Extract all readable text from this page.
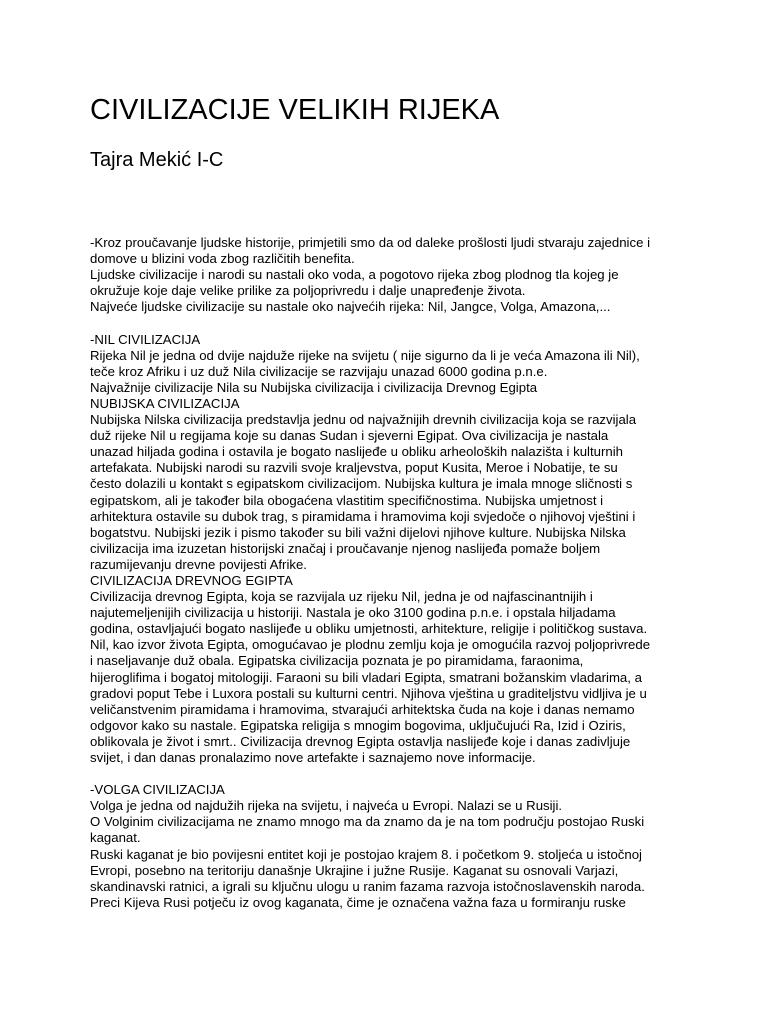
CIVILIZACIJE VELIKIH RIJEKA
Tajra Mekić I-C
-Kroz proučavanje ljudske historije, primjetili smo da od daleke prošlosti ljudi stvaraju zajednice i
domove u blizini voda zbog različitih benefita.
Ljudske civilizacije i narodi su nastali oko voda, a pogotovo rijeka zbog plodnog tla kojeg je
okružuje koje daje velike prilike za poljoprivredu i dalje unapređenje života.
Najveće ljudske civilizacije su nastale oko najvećih rijeka: Nil, Jangce, Volga, Amazona,...
-NIL CIVILIZACIJA
Rijeka Nil je jedna od dvije najduže rijeke na svijetu ( nije sigurno da li je veća Amazona ili Nil),
teče kroz Afriku i uz duž Nila civilizacije se razvijaju unazad 6000 godina p.n.e.
Najvažnije civilizacije Nila su Nubijska civilizacija i civilizacija Drevnog Egipta
NUBIJSKA CIVILIZACIJA
Nubijska Nilska civilizacija predstavlja jednu od najvažnijih drevnih civilizacija koja se razvijala
duž rijeke Nil u regijama koje su danas Sudan i sjeverni Egipat. Ova civilizacija je nastala
unazad hiljada godina i ostavila je bogato naslijeđe u obliku arheoloških nalazišta i kulturnih
artefakata. Nubijski narodi su razvili svoje kraljevstva, poput Kusita, Meroe i Nobatije, te su
često dolazili u kontakt s egipatskom civilizacijom. Nubijska kultura je imala mnoge sličnosti s
egipatskom, ali je također bila obogaćena vlastitim specifičnostima. Nubijska umjetnost i
arhitektura ostavile su dubok trag, s piramidama i hramovima koji svjedoče o njihovoj vještini i
bogatstvu. Nubijski jezik i pismo također su bili važni dijelovi njihove kulture. Nubijska Nilska
civilizacija ima izuzetan historijski značaj i proučavanje njenog naslijeđa pomaže boljem
razumijevanju drevne povijesti Afrike.
CIVILIZACIJA DREVNOG EGIPTA
Civilizacija drevnog Egipta, koja se razvijala uz rijeku Nil, jedna je od najfascinantnijih i
najutemeljenijih civilizacija u historiji. Nastala je oko 3100 godina p.n.e. i opstala hiljadama
godina, ostavljajući bogato naslijeđe u obliku umjetnosti, arhitekture, religije i političkog sustava.
Nil, kao izvor života Egipta, omogućavao je plodnu zemlju koja je omogućila razvoj poljoprivrede
i naseljavanje duž obala. Egipatska civilizacija poznata je po piramidama, faraonima,
hijeroglifima i bogatoj mitologiji. Faraoni su bili vladari Egipta, smatrani božanskim vladarima, a
gradovi poput Tebe i Luxora postali su kulturni centri. Njihova vještina u graditeljstvu vidljiva je u
veličanstvenim piramidama i hramovima, stvarajući arhitektska čuda na koje i danas nemamo
odgovor kako su nastale. Egipatska religija s mnogim bogovima, uključujući Ra, Izid i Oziris,
oblikovala je život i smrt.. Civilizacija drevnog Egipta ostavlja naslijeđe koje i danas zadivljuje
svijet, i dan danas pronalazimo nove artefakte i saznajemo nove informacije.
-VOLGA CIVILIZACIJA
Volga je jedna od najdužih rijeka na svijetu, i najveća u Evropi. Nalazi se u Rusiji.
O Volginim civilizacijama ne znamo mnogo ma da znamo da je na tom području postojao Ruski
kaganat.
Ruski kaganat je bio povijesni entitet koji je postojao krajem 8. i početkom 9. stoljeća u istočnoj
Evropi, posebno na teritoriju današnje Ukrajine i južne Rusije. Kaganat su osnovali Varjazi,
skandinavski ratnici, a igrali su ključnu ulogu u ranim fazama razvoja istočnoslavenskih naroda.
Preci Kijeva Rusi potječu iz ovog kaganata, čime je označena važna faza u formiranju ruske
